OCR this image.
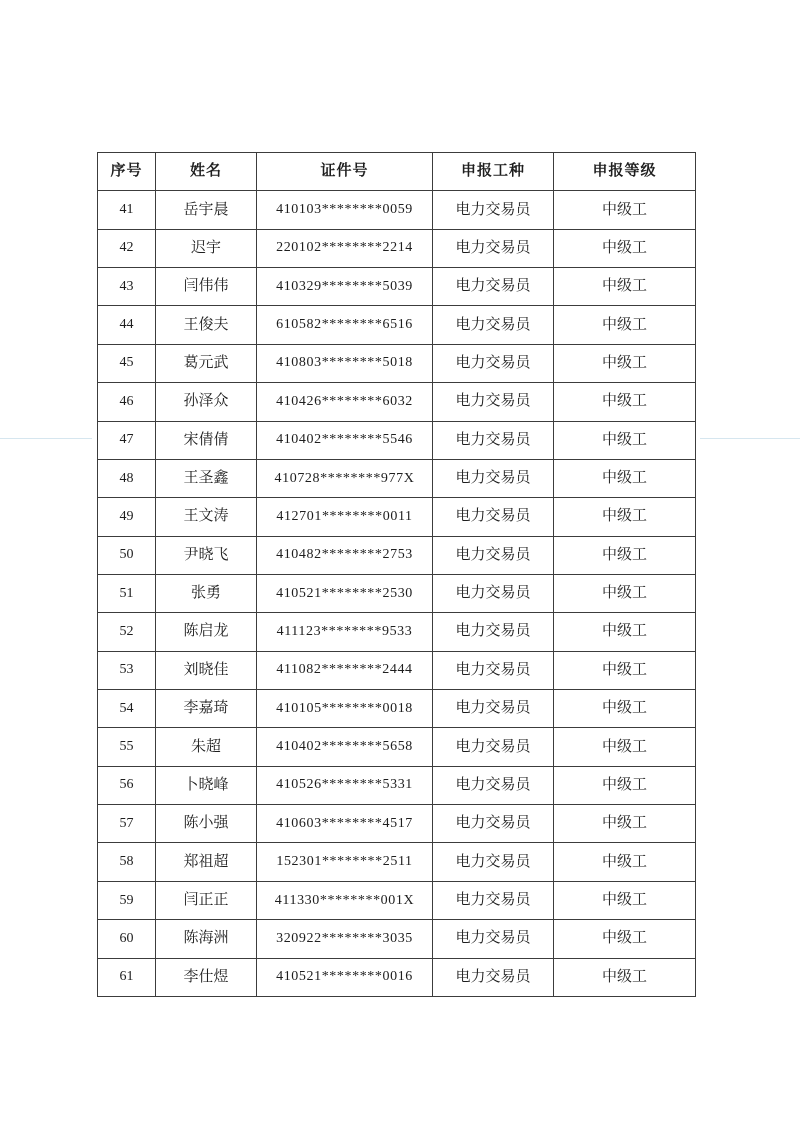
序号	姓名	证件号	申报工种	申报等级
41	岳宇晨	410103********0059	电力交易员	中级工
42	迟宇	220102********2214	电力交易员	中级工
43	闫伟伟	410329********5039	电力交易员	中级工
44	王俊夫	610582********6516	电力交易员	中级工
45	葛元武	410803********5018	电力交易员	中级工
46	孙泽众	410426********6032	电力交易员	中级工
47	宋倩倩	410402********5546	电力交易员	中级工
48	王圣鑫	410728********977X	电力交易员	中级工
49	王文涛	412701********0011	电力交易员	中级工
50	尹晓飞	410482********2753	电力交易员	中级工
51	张勇	410521********2530	电力交易员	中级工
52	陈启龙	411123********9533	电力交易员	中级工
53	刘晓佳	411082********2444	电力交易员	中级工
54	李嘉琦	410105********0018	电力交易员	中级工
55	朱超	410402********5658	电力交易员	中级工
56	卜晓峰	410526********5331	电力交易员	中级工
57	陈小强	410603********4517	电力交易员	中级工
58	郑祖超	152301********2511	电力交易员	中级工
59	闫正正	411330********001X	电力交易员	中级工
60	陈海洲	320922********3035	电力交易员	中级工
61	李仕煜	410521********0016	电力交易员	中级工
